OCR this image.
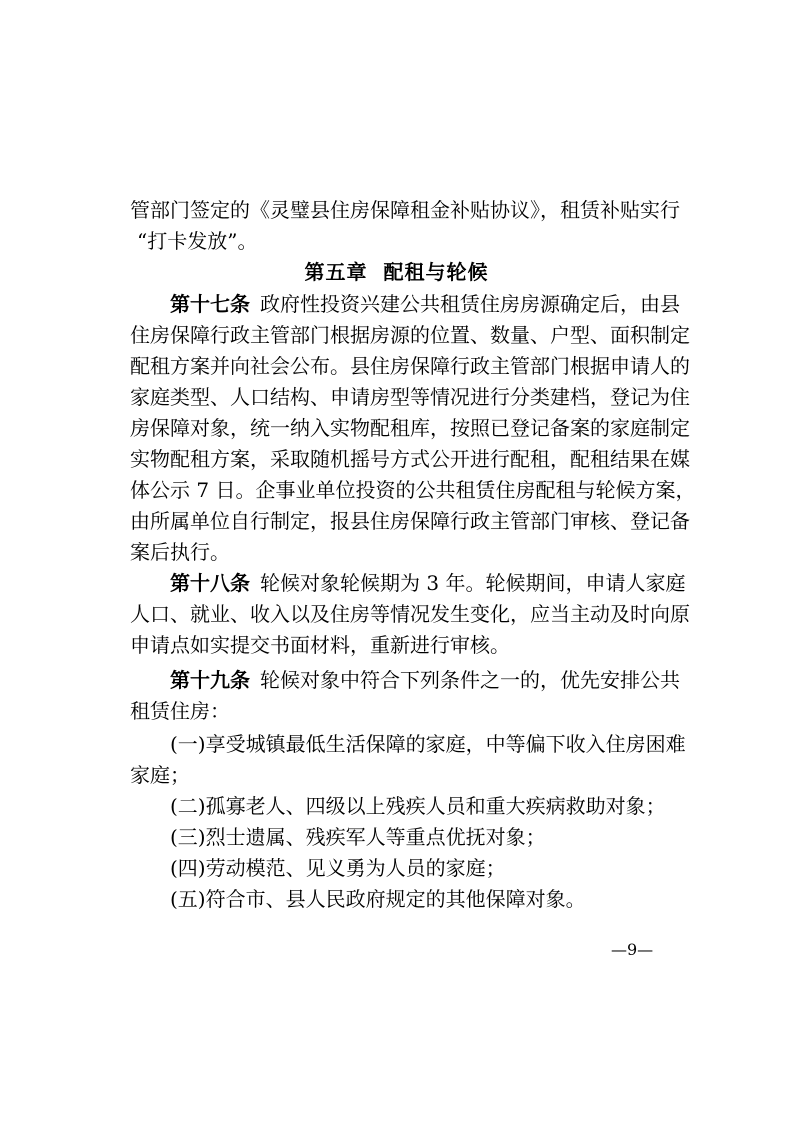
管部门签定的《灵璧县住房保障租金补贴协议》，租赁补贴实行
“打卡发放”。
第五章 配租与轮候
第十七条 政府性投资兴建公共租赁住房房源确定后，由县
住房保障行政主管部门根据房源的位置、数量、户型、面积制定
配租方案并向社会公布。县住房保障行政主管部门根据申请人的
家庭类型、人口结构、申请房型等情况进行分类建档，登记为住
房保障对象，统一纳入实物配租库，按照已登记备案的家庭制定
实物配租方案，采取随机摇号方式公开进行配租，配租结果在媒
体公示 7 日。企事业单位投资的公共租赁住房配租与轮候方案，
由所属单位自行制定，报县住房保障行政主管部门审核、登记备
案后执行。
第十八条 轮候对象轮候期为 3 年。轮候期间，申请人家庭
人口、就业、收入以及住房等情况发生变化，应当主动及时向原
申请点如实提交书面材料，重新进行审核。
第十九条 轮候对象中符合下列条件之一的，优先安排公共
租赁住房：
(一)享受城镇最低生活保障的家庭，中等偏下收入住房困难
家庭；
(二)孤寡老人、四级以上残疾人员和重大疾病救助对象；
(三)烈士遗属、残疾军人等重点优抚对象；
(四)劳动模范、见义勇为人员的家庭；
(五)符合市、县人民政府规定的其他保障对象。
—9—
